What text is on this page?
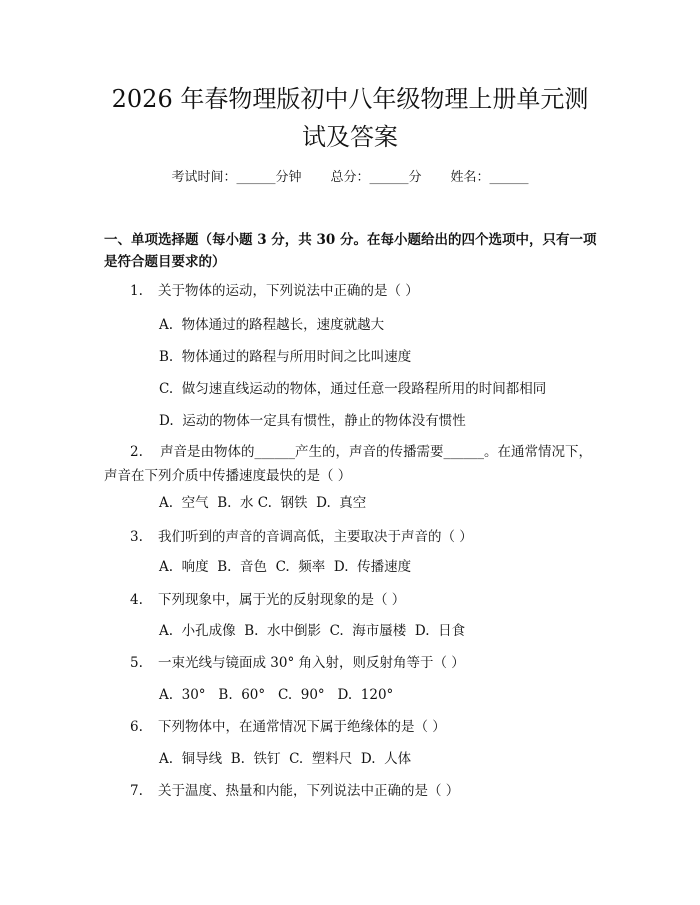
2026 年春物理版初中八年级物理上册单元测
试及答案
考试时间：______分钟 总分：______分 姓名：______

一、单项选择题（每小题 3 分，共 30 分。在每小题给出的四个选项中，只有一项是符合题目要求的）

1. 关于物体的运动，下列说法中正确的是（ ）
A.  物体通过的路程越长，速度就越大
B.  物体通过的路程与所用时间之比叫速度
C.  做匀速直线运动的物体，通过任意一段路程所用的时间都相同
D.  运动的物体一定具有惯性，静止的物体没有惯性
2. 声音是由物体的______产生的，声音的传播需要______。在通常情况下，声音在下列介质中传播速度最快的是（ ）
A.  空气  B.  水 C.  钢铁  D.  真空
3. 我们听到的声音的音调高低，主要取决于声音的（ ）
A.  响度  B.  音色  C.  频率  D.  传播速度
4. 下列现象中，属于光的反射现象的是（ ）
A.  小孔成像  B.  水中倒影  C.  海市蜃楼  D.  日食
5. 一束光线与镜面成 30° 角入射，则反射角等于（ ）
A.  30°   B.  60°   C.  90°   D.  120°
6. 下列物体中，在通常情况下属于绝缘体的是（ ）
A.  铜导线  B.  铁钉  C.  塑料尺  D.  人体
7. 关于温度、热量和内能，下列说法中正确的是（ ）
